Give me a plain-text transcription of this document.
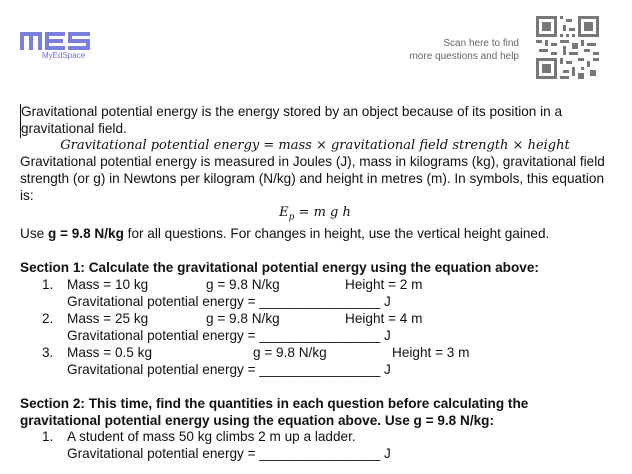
MyEdSpace
Scan here to find
more questions and help

Gravitational potential energy is the energy stored by an object because of its position in a gravitational field.

Gravitational potential energy = mass × gravitational field strength × height

Gravitational potential energy is measured in Joules (J), mass in kilograms (kg), gravitational field strength (or g) in Newtons per kilogram (N/kg) and height in metres (m). In symbols, this equation is:

$E_p = m$ g h

Use g = 9.8 N/kg for all questions. For changes in height, use the vertical height gained.

Section 1: Calculate the gravitational potential energy using the equation above:

1. Mass = 10 kg	g = 9.8 N/kg	Height = 2 m
Gravitational potential energy = ________________ J
2. Mass = 25 kg	g = 9.8 N/kg	Height = 4 m
Gravitational potential energy = ________________ J
3. Mass = 0.5 kg	g = 9.8 N/kg	Height = 3 m
Gravitational potential energy = ________________ J

Section 2: This time, find the quantities in each question before calculating the

gravitational potential energy using the equation above. Use g = 9.8 N/kg:

1. A student of mass 50 kg climbs 2 m up a ladder.
Gravitational potential energy = ________________ J
